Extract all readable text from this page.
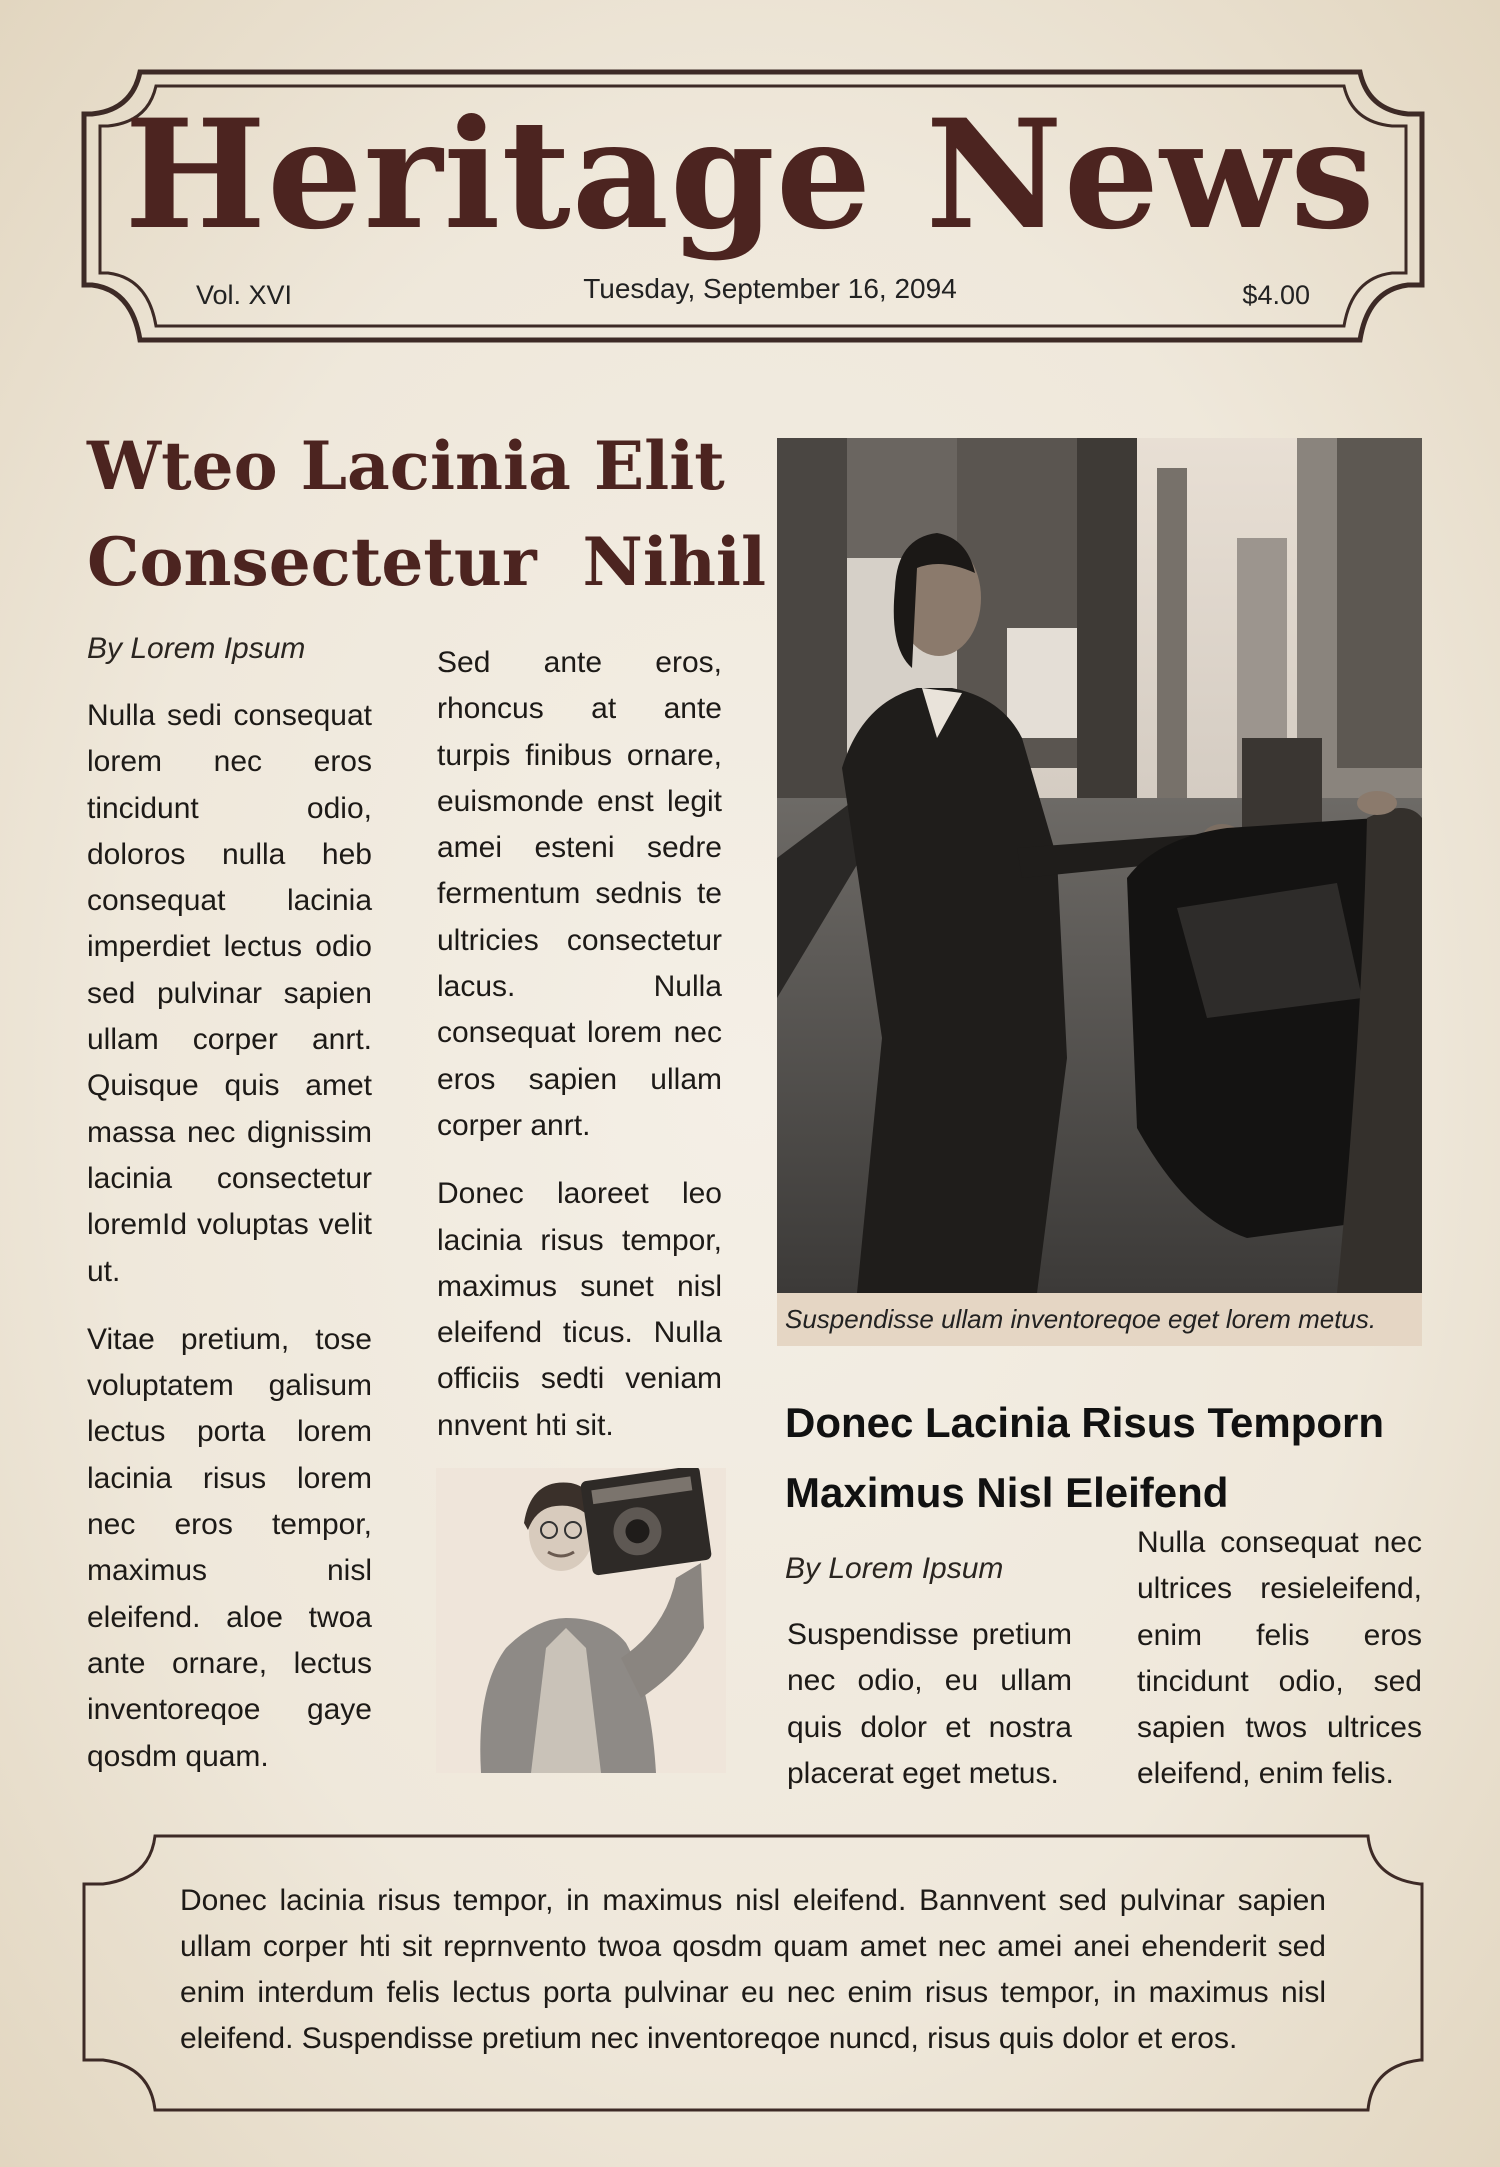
Heritage News
Vol. XVI	Tuesday, September 16, 2094	$4.00
Wteo Lacinia Elit
Consectetur  Nihil
By Lorem Ipsum

Nulla sedi consequat lorem nec eros tincidunt odio, doloros nulla heb consequat lacinia imperdiet lectus odio sed pulvinar sapien ullam corper anrt. Quisque quis amet massa nec dignissim lacinia consectetur loremId voluptas velit ut.

Vitae pretium, tose voluptatem galisum lectus porta lorem lacinia risus lorem nec eros tempor, maximus nisl eleifend. aloe twoa ante ornare, lectus inventoreqoe gaye qosdm quam.

Sed ante eros, rhoncus at ante turpis finibus ornare, euismonde enst legit amei esteni sedre fermentum sednis te ultricies consectetur lacus. Nulla consequat lorem nec eros sapien ullam corper anrt.

Donec laoreet leo lacinia risus tempor, maximus sunet nisl eleifend ticus. Nulla officiis sedti veniam nnvent hti sit.

Suspendisse ullam inventoreqoe eget lorem metus.
Donec Lacinia Risus Temporn
Maximus Nisl Eleifend
By Lorem Ipsum
Suspendisse pretium nec odio, eu ullam quis dolor et nostra placerat eget metus.
Nulla consequat nec ultrices resieleifend, enim felis eros tincidunt odio, sed sapien twos ultrices eleifend, enim felis.
Donec lacinia risus tempor, in maximus nisl eleifend. Bannvent sed pulvinar sapien ullam corper hti sit reprnvento twoa qosdm quam amet nec amei anei ehenderit sed enim interdum felis lectus porta pulvinar eu nec enim risus tempor, in maximus nisl eleifend. Suspendisse pretium nec inventoreqoe nuncd, risus quis dolor et eros.
